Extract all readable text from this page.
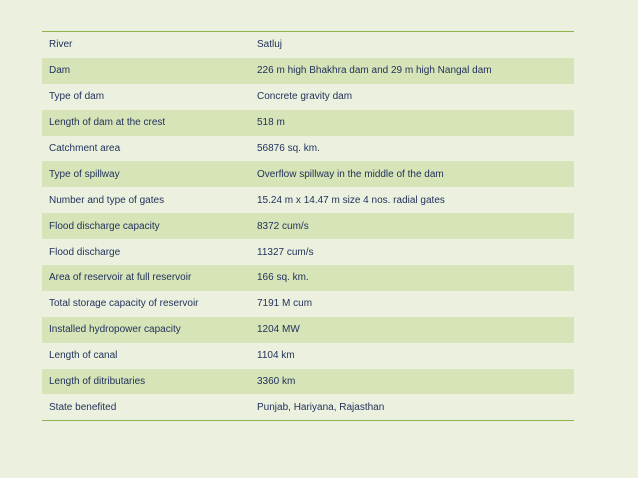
River	Satluj
Dam	226 m high Bhakhra dam and 29 m high Nangal dam
Type of dam	Concrete gravity dam
Length of dam at the crest	518 m
Catchment area	56876 sq. km.
Type of spillway	Overflow spillway in the middle of the dam
Number and type of gates	15.24 m x 14.47 m size 4 nos. radial gates
Flood discharge capacity	8372 cum/s
Flood discharge	11327 cum/s
Area of reservoir at full reservoir	166 sq. km.
Total storage capacity of reservoir	7191 M cum
Installed hydropower capacity	1204 MW
Length of canal	1104 km
Length of ditributaries	3360 km
State benefited	Punjab, Hariyana, Rajasthan
